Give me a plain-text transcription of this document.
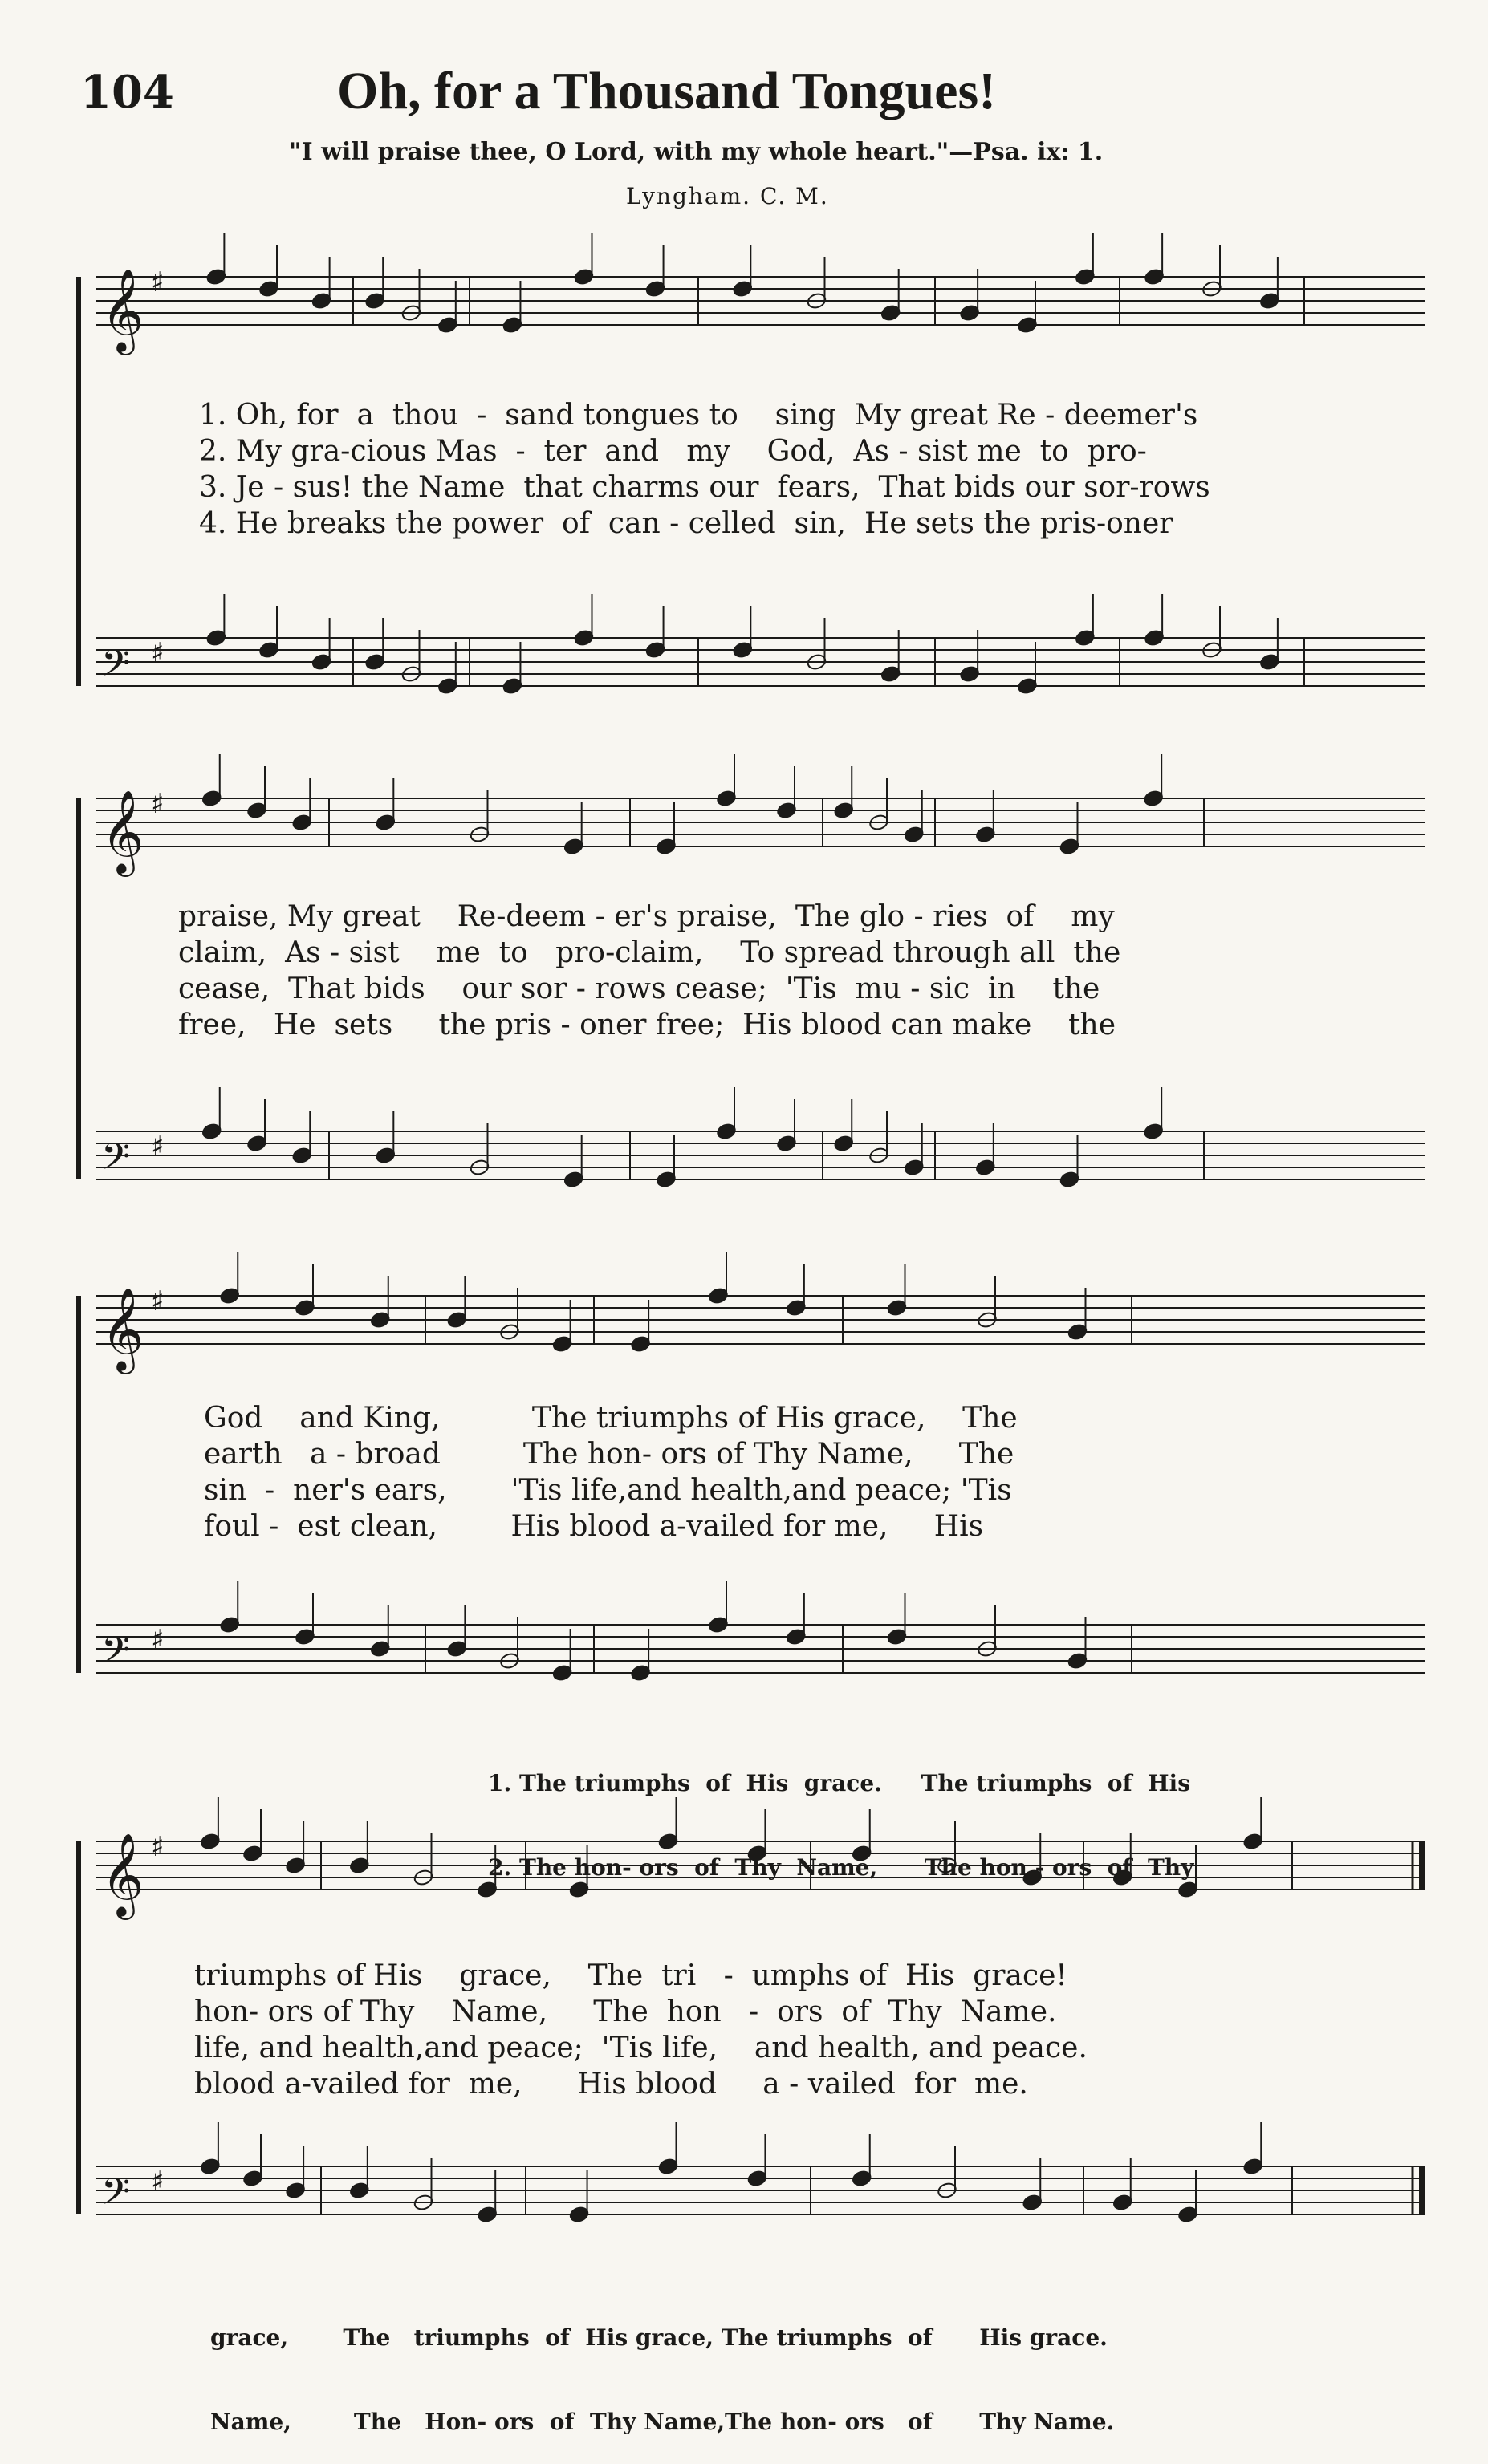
104	Oh, for a Thousand Tongues!
"I will praise thee, O Lord, with my whole heart."—Psa. ix: 1.
Lyngham. C. M.
𝄞 ♯
𝄢 ♯
𝄞 ♯
𝄢 ♯
𝄞 ♯
𝄢 ♯
𝄞 ♯
𝄢 ♯
1. Oh, for  a  thou  -  sand tongues to    sing  My great Re - deemer's
2. My gra-cious Mas  -  ter  and   my    God,  As - sist me  to  pro-
3. Je - sus! the Name  that charms our  fears,  That bids our sor-rows
4. He breaks the power  of  can - celled  sin,  He sets the pris-oner
praise, My great    Re-deem - er's praise,  The glo - ries  of    my
claim,  As - sist    me  to   pro-claim,    To spread through all  the
cease,  That bids    our sor - rows cease;  'Tis  mu - sic  in    the
free,   He  sets     the pris - oner free;  His blood can make    the
God    and King,          The triumphs of His grace,    The
earth   a - broad         The hon- ors of Thy Name,     The
sin  -  ner's ears,       'Tis life,and health,and peace; 'Tis
foul -  est clean,        His blood a-vailed for me,     His

1. The triumphs  of  His  grace.     The triumphs  of  His

2. The hon- ors  of  Thy  Name,      The hon - ors  of  Thy

triumphs of His    grace,    The  tri   -  umphs of  His  grace!
hon- ors of Thy    Name,     The  hon   -  ors  of  Thy  Name.
life, and health,and peace;  'Tis life,    and health, and peace.
blood a-vailed for  me,      His blood     a - vailed  for  me.

grace,       The   triumphs  of  His grace, The triumphs  of      His grace.

Name,        The   Hon- ors  of  Thy Name,The hon- ors   of      Thy Name.
